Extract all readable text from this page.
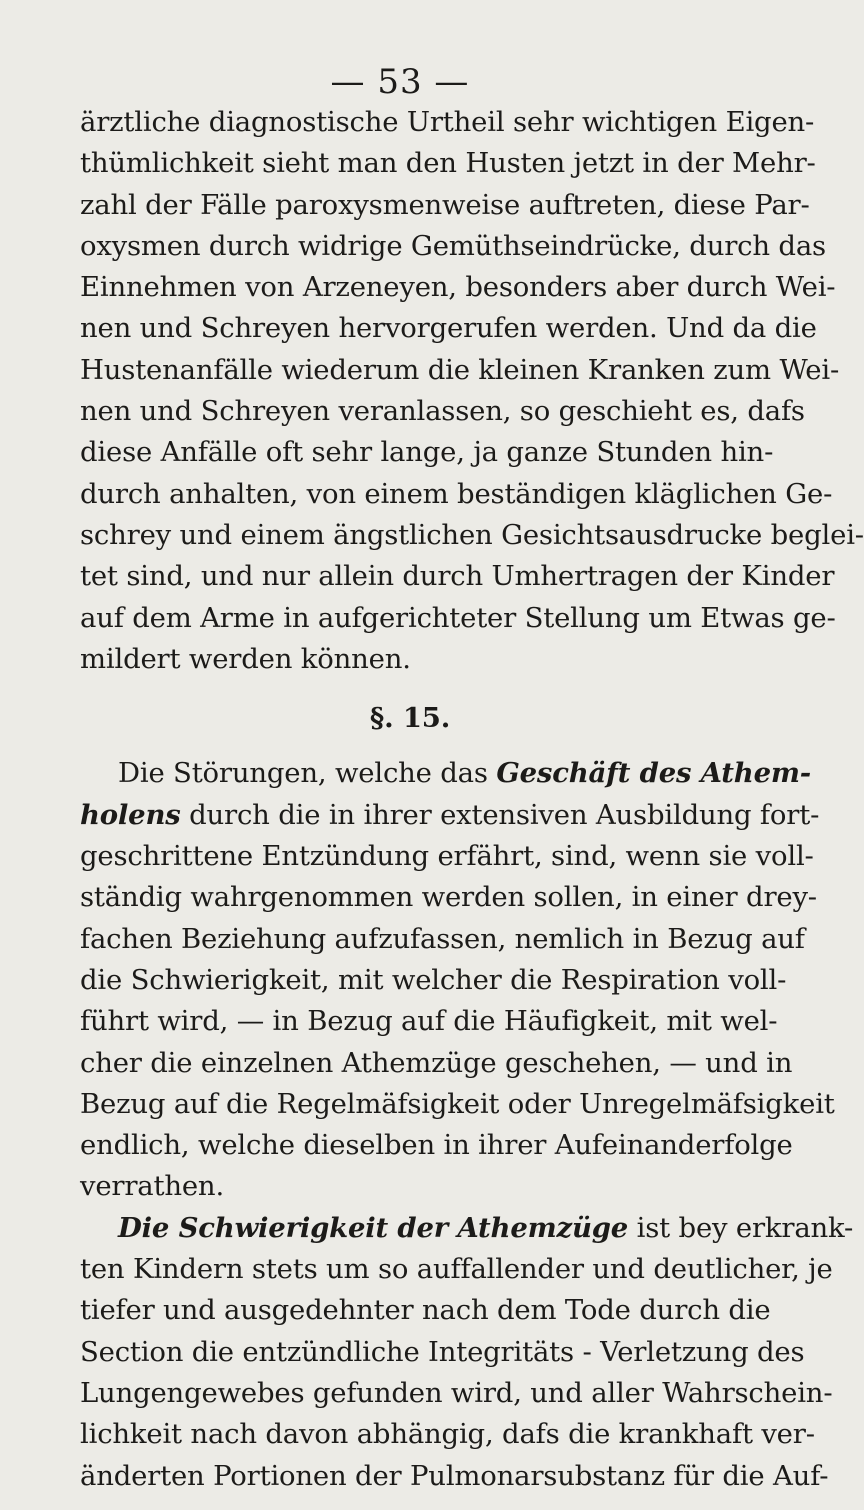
— 53 —

ärztliche diagnostische Urtheil sehr wichtigen Eigen-
thümlichkeit sieht man den Husten jetzt in der Mehr-
zahl der Fälle paroxysmenweise auftreten, diese Par-
oxysmen durch widrige Gemüthseindrücke, durch das
Einnehmen von Arzeneyen, besonders aber durch Wei-
nen und Schreyen hervorgerufen werden. Und da die
Hustenanfälle wiederum die kleinen Kranken zum Wei-
nen und Schreyen veranlassen, so geschieht es, dafs
diese Anfälle oft sehr lange, ja ganze Stunden hin-
durch anhalten, von einem beständigen kläglichen Ge-
schrey und einem ängstlichen Gesichtsausdrucke beglei-
tet sind, und nur allein durch Umhertragen der Kinder
auf dem Arme in aufgerichteter Stellung um Etwas ge-
mildert werden können.
§. 15.
Die Störungen, welche das Geschäft des Athem-
holens durch die in ihrer extensiven Ausbildung fort-
geschrittene Entzündung erfährt, sind, wenn sie voll-
ständig wahrgenommen werden sollen, in einer drey-
fachen Beziehung aufzufassen, nemlich in Bezug auf
die Schwierigkeit, mit welcher die Respiration voll-
führt wird, — in Bezug auf die Häufigkeit, mit wel-
cher die einzelnen Athemzüge geschehen, — und in
Bezug auf die Regelmäfsigkeit oder Unregelmäfsigkeit
endlich, welche dieselben in ihrer Aufeinanderfolge
verrathen.
Die Schwierigkeit der Athemzüge ist bey erkrank-
ten Kindern stets um so auffallender und deutlicher, je
tiefer und ausgedehnter nach dem Tode durch die
Section die entzündliche Integritäts - Verletzung des
Lungengewebes gefunden wird, und aller Wahrschein-
lichkeit nach davon abhängig, dafs die krankhaft ver-
änderten Portionen der Pulmonarsubstanz für die Auf-
